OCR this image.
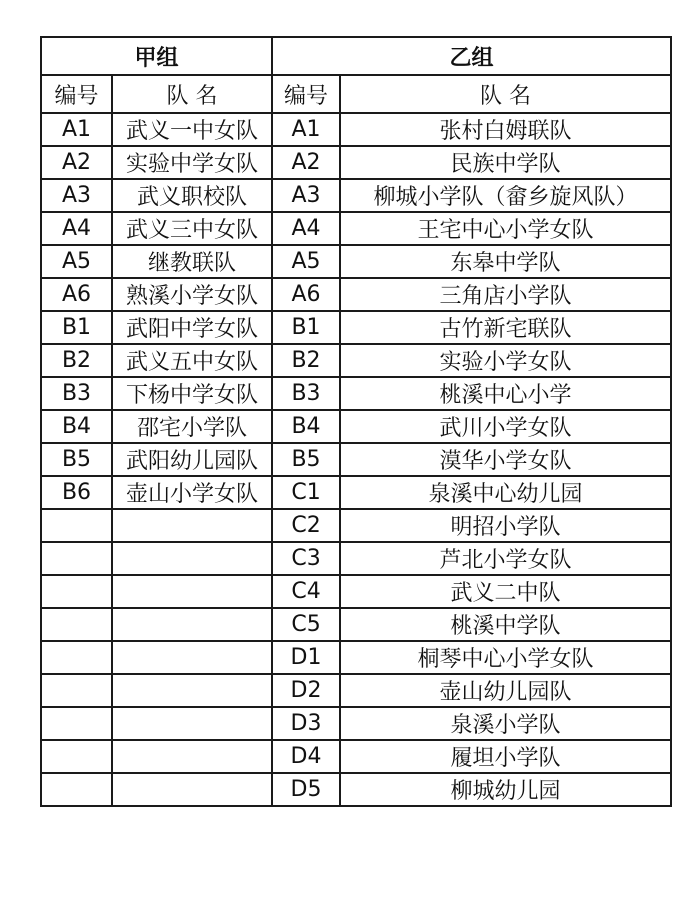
甲组		乙组	
编号	队 名	编号	队 名
A1	武义一中女队	A1	张村白姆联队
A2	实验中学女队	A2	民族中学队
A3	武义职校队	A3	柳城小学队（畲乡旋风队）
A4	武义三中女队	A4	王宅中心小学女队
A5	继教联队	A5	东皋中学队
A6	熟溪小学女队	A6	三角店小学队
B1	武阳中学女队	B1	古竹新宅联队
B2	武义五中女队	B2	实验小学女队
B3	下杨中学女队	B3	桃溪中心小学
B4	邵宅小学队	B4	武川小学女队
B5	武阳幼儿园队	B5	漠华小学女队
B6	壶山小学女队	C1	泉溪中心幼儿园
		C2	明招小学队
		C3	芦北小学女队
		C4	武义二中队
		C5	桃溪中学队
		D1	桐琴中心小学女队
		D2	壶山幼儿园队
		D3	泉溪小学队
		D4	履坦小学队
		D5	柳城幼儿园
